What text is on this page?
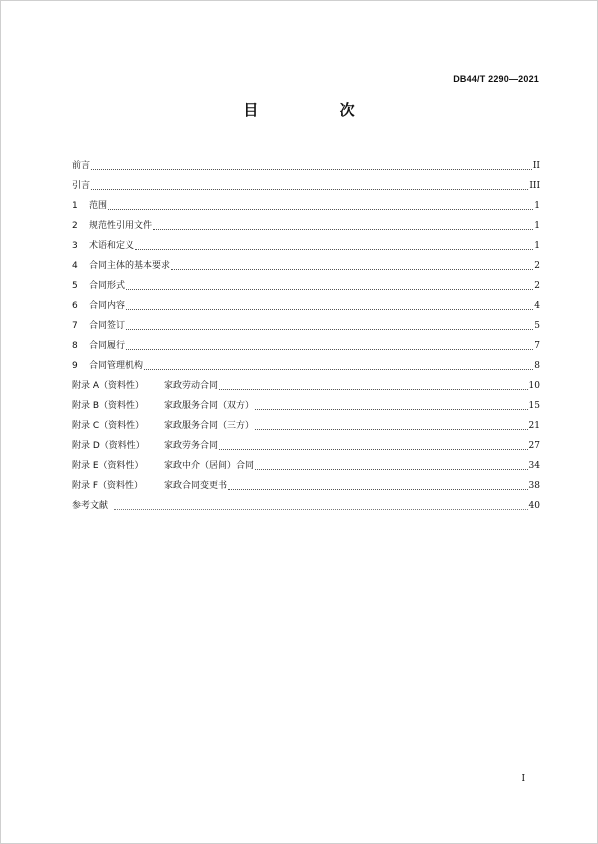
DB44/T 2290—2021
目 次
前言	II
引言	III
1	范围	1
2	规范性引用文件	1
3	术语和定义	1
4	合同主体的基本要求	2
5	合同形式	2
6	合同内容	4
7	合同签订	5
8	合同履行	7
9	合同管理机构	8
附录 A（资料性）	家政劳动合同	10
附录 B（资料性）	家政服务合同（双方）	15
附录 C（资料性）	家政服务合同（三方）	21
附录 D（资料性）	家政劳务合同	27
附录 E（资料性）	家政中介（居间）合同	34
附录 F（资料性）	家政合同变更书	38
参考文献	40
I
